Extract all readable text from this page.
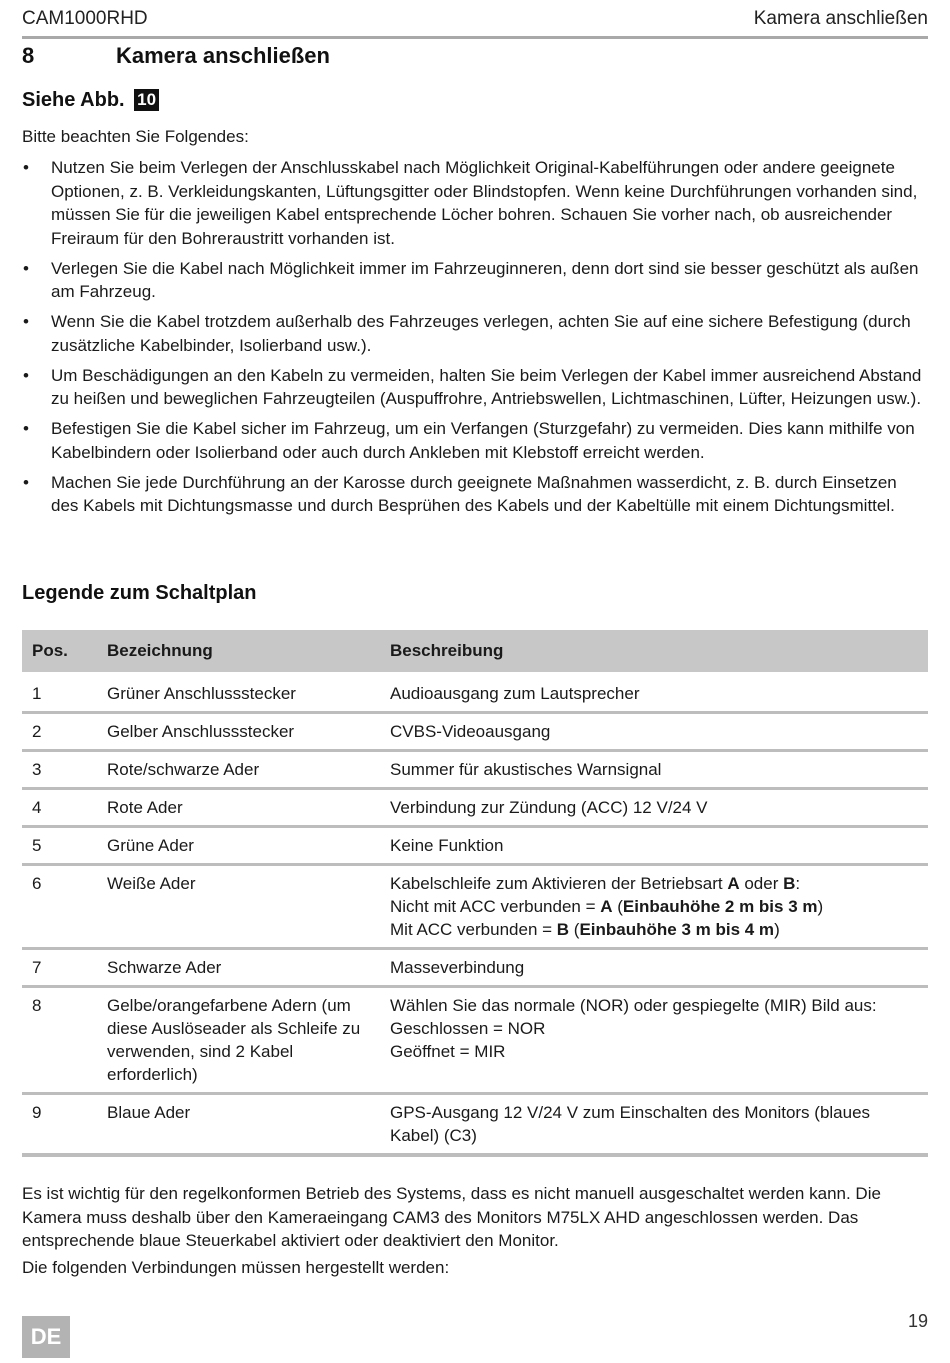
CAM1000RHD	Kamera anschließen
8	Kamera anschließen
Siehe Abb. 10
Bitte beachten Sie Folgendes:
• Nutzen Sie beim Verlegen der Anschlusskabel nach Möglichkeit Original-Kabelführungen oder andere geeignete Optionen, z. B. Verkleidungskanten, Lüftungsgitter oder Blindstopfen. Wenn keine Durchführungen vorhanden sind, müssen Sie für die jeweiligen Kabel entsprechende Löcher bohren. Schauen Sie vorher nach, ob ausreichender Freiraum für den Bohreraustritt vorhanden ist.
• Verlegen Sie die Kabel nach Möglichkeit immer im Fahrzeuginneren, denn dort sind sie besser geschützt als außen am Fahrzeug.
• Wenn Sie die Kabel trotzdem außerhalb des Fahrzeuges verlegen, achten Sie auf eine sichere Befestigung (durch zusätzliche Kabelbinder, Isolierband usw.).
• Um Beschädigungen an den Kabeln zu vermeiden, halten Sie beim Verlegen der Kabel immer ausreichend Abstand zu heißen und beweglichen Fahrzeugteilen (Auspuffrohre, Antriebswellen, Lichtmaschinen, Lüfter, Heizungen usw.).
• Befestigen Sie die Kabel sicher im Fahrzeug, um ein Verfangen (Sturzgefahr) zu vermeiden. Dies kann mithilfe von Kabelbindern oder Isolierband oder auch durch Ankleben mit Klebstoff erreicht werden.
• Machen Sie jede Durchführung an der Karosse durch geeignete Maßnahmen wasserdicht, z. B. durch Einsetzen des Kabels mit Dichtungsmasse und durch Besprühen des Kabels und der Kabeltülle mit einem Dichtungsmittel.
Legende zum Schaltplan
Pos.	Bezeichnung	Beschreibung
1	Grüner Anschlussstecker	Audioausgang zum Lautsprecher
2	Gelber Anschlussstecker	CVBS-Videoausgang
3	Rote/schwarze Ader	Summer für akustisches Warnsignal
4	Rote Ader	Verbindung zur Zündung (ACC) 12 V/24 V
5	Grüne Ader	Keine Funktion
6	Weiße Ader	Kabelschleife zum Aktivieren der Betriebsart A oder B:
Nicht mit ACC verbunden = A (Einbauhöhe 2 m bis 3 m)
Mit ACC verbunden = B (Einbauhöhe 3 m bis 4 m)

7	Schwarze Ader	Masseverbindung
8	Gelbe/orangefarbene Adern (um diese Auslöseader als Schleife zu verwenden, sind 2 Kabel erforderlich)	Wählen Sie das normale (NOR) oder gespiegelte (MIR) Bild aus:
Geschlossen = NOR
Geöffnet = MIR

9	Blaue Ader	GPS-Ausgang 12 V/24 V zum Einschalten des Monitors (blaues Kabel) (C3)
Es ist wichtig für den regelkonformen Betrieb des Systems, dass es nicht manuell ausgeschaltet werden kann. Die Kamera muss deshalb über den Kameraeingang CAM3 des Monitors M75LX AHD angeschlossen werden. Das entsprechende blaue Steuerkabel aktiviert oder deaktiviert den Monitor.
Die folgenden Verbindungen müssen hergestellt werden:
19
DE
